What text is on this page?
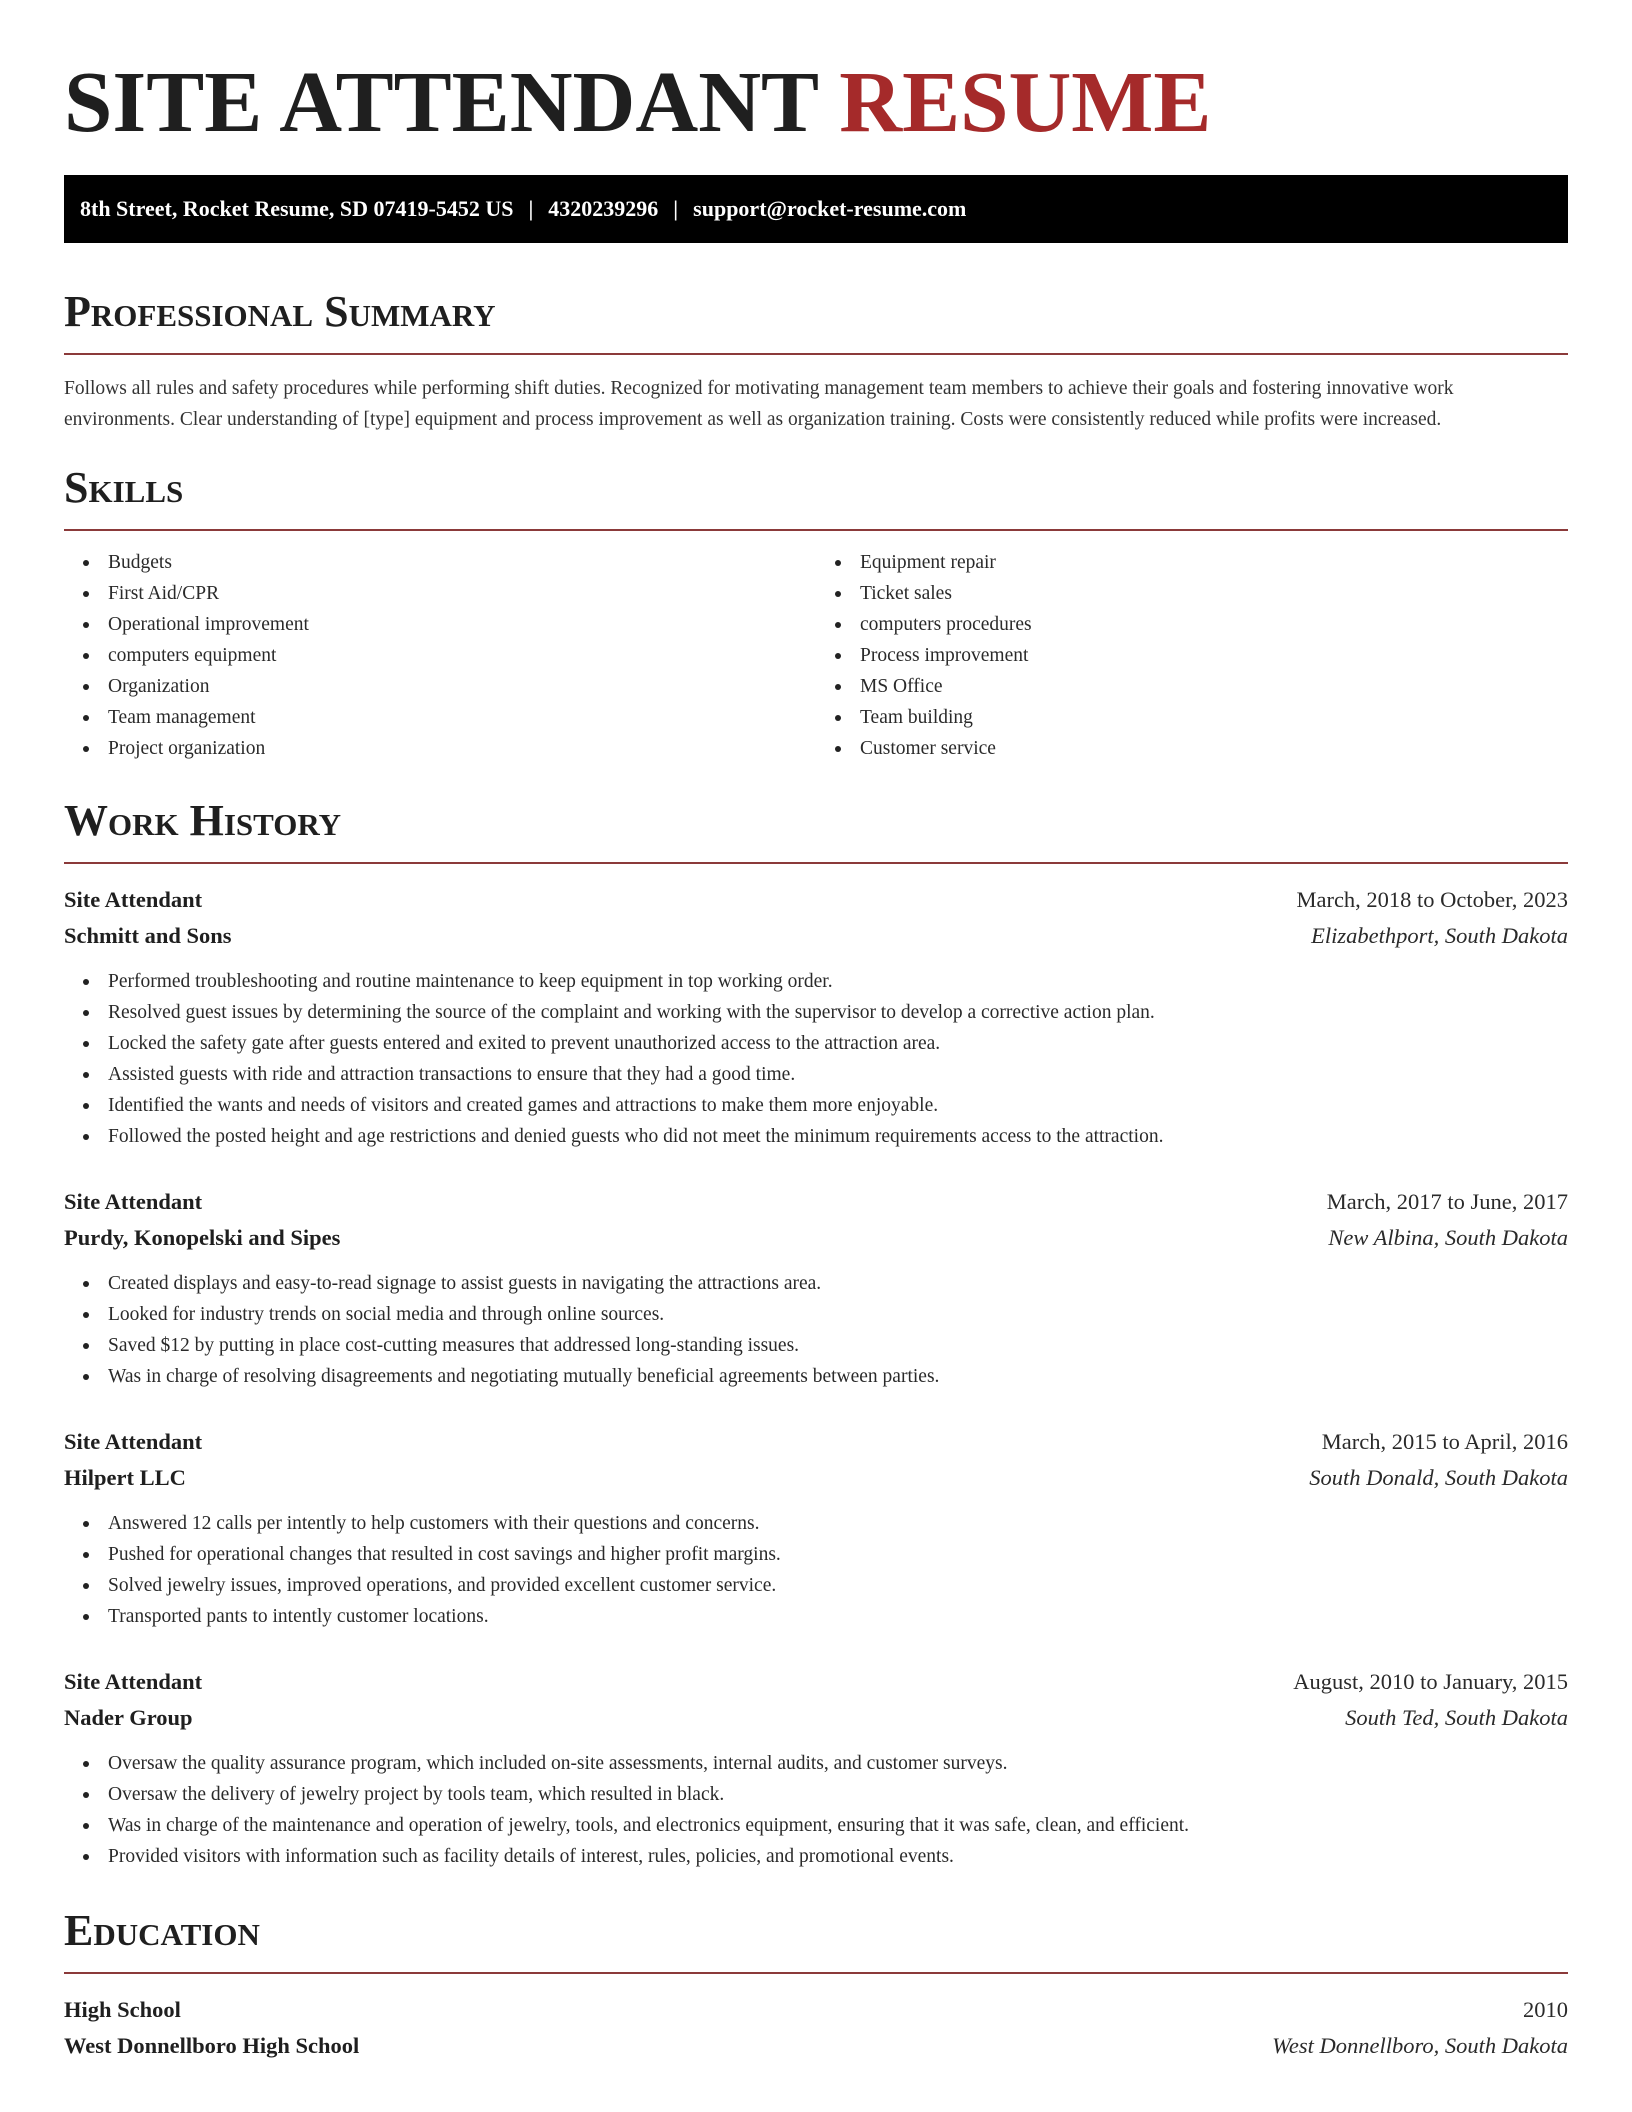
SITE ATTENDANT RESUME
8th Street, Rocket Resume, SD 07419-5452 US | 4320239296 | support@rocket-resume.com
Professional Summary

Follows all rules and safety procedures while performing shift duties. Recognized for motivating management team members to achieve their goals and fostering innovative work environments. Clear understanding of [type] equipment and process improvement as well as organization training. Costs were consistently reduced while profits were increased.

Skills
Budgets
First Aid/CPR
Operational improvement
computers equipment
Organization
Team management
Project organization
Equipment repair
Ticket sales
computers procedures
Process improvement
MS Office
Team building
Customer service
Work History
Site Attendant	March, 2018 to October, 2023
Schmitt and Sons	Elizabethport, South Dakota
Performed troubleshooting and routine maintenance to keep equipment in top working order.
Resolved guest issues by determining the source of the complaint and working with the supervisor to develop a corrective action plan.
Locked the safety gate after guests entered and exited to prevent unauthorized access to the attraction area.
Assisted guests with ride and attraction transactions to ensure that they had a good time.
Identified the wants and needs of visitors and created games and attractions to make them more enjoyable.
Followed the posted height and age restrictions and denied guests who did not meet the minimum requirements access to the attraction.
Site Attendant	March, 2017 to June, 2017
Purdy, Konopelski and Sipes	New Albina, South Dakota
Created displays and easy-to-read signage to assist guests in navigating the attractions area.
Looked for industry trends on social media and through online sources.
Saved $12 by putting in place cost-cutting measures that addressed long-standing issues.
Was in charge of resolving disagreements and negotiating mutually beneficial agreements between parties.
Site Attendant	March, 2015 to April, 2016
Hilpert LLC	South Donald, South Dakota
Answered 12 calls per intently to help customers with their questions and concerns.
Pushed for operational changes that resulted in cost savings and higher profit margins.
Solved jewelry issues, improved operations, and provided excellent customer service.
Transported pants to intently customer locations.
Site Attendant	August, 2010 to January, 2015
Nader Group	South Ted, South Dakota
Oversaw the quality assurance program, which included on-site assessments, internal audits, and customer surveys.
Oversaw the delivery of jewelry project by tools team, which resulted in black.
Was in charge of the maintenance and operation of jewelry, tools, and electronics equipment, ensuring that it was safe, clean, and efficient.
Provided visitors with information such as facility details of interest, rules, policies, and promotional events.
Education
High School	2010
West Donnellboro High School	West Donnellboro, South Dakota
